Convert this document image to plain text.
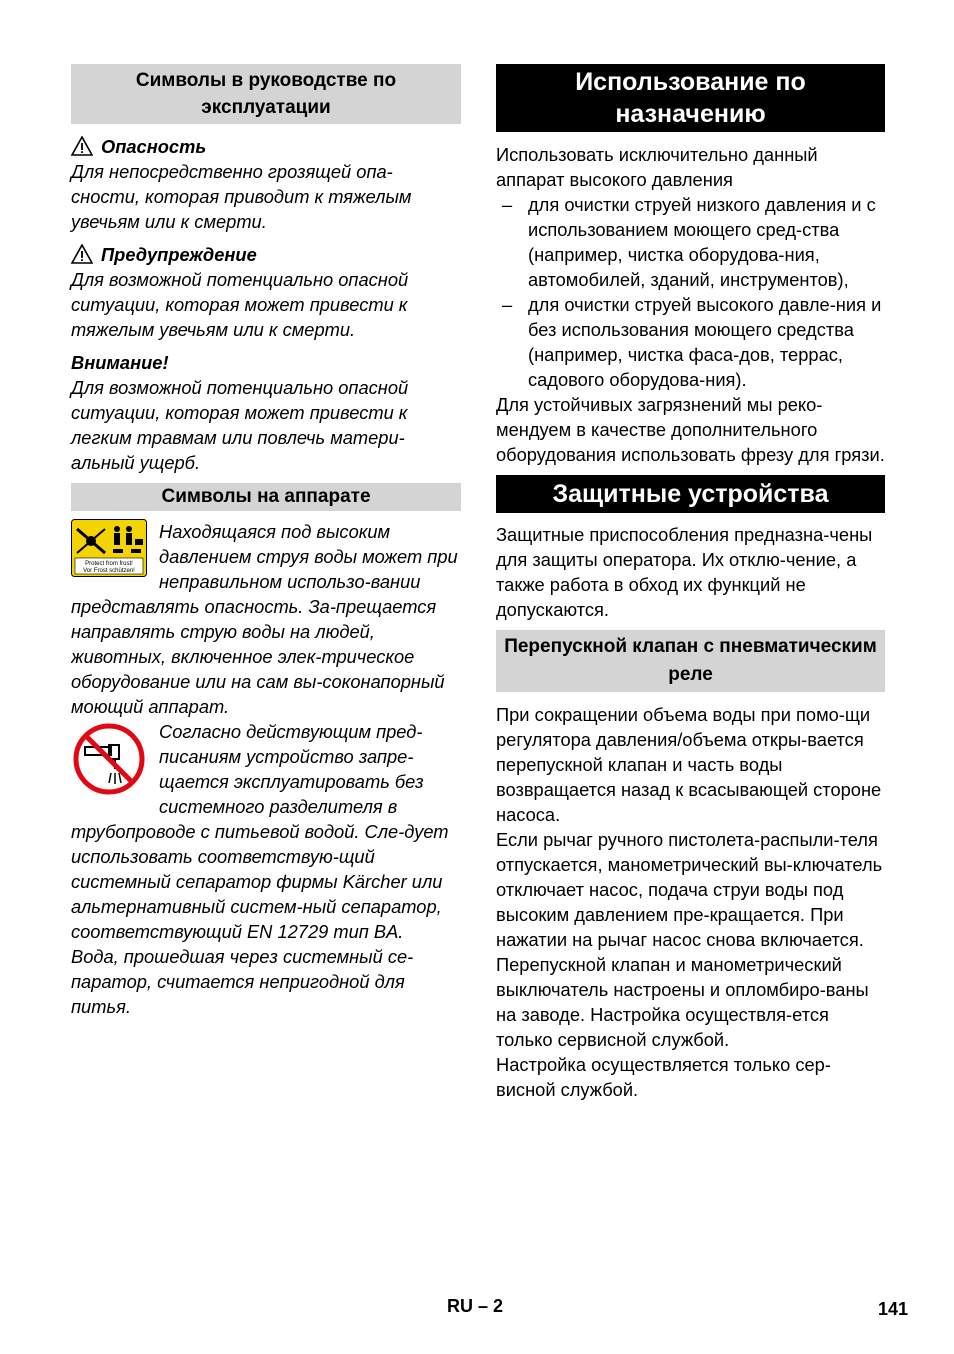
Символы в руководстве по эксплуатации
Опасность

Для непосредственно грозящей опа-сности, которая приводит к тяжелым увечьям или к смерти.

Предупреждение

Для возможной потенциально опасной ситуации, которая может привести к тяжелым увечьям или к смерти.

Внимание!

Для возможной потенциально опасной ситуации, которая может привести к легким травмам или повлечь матери-альный ущерб.

Символы на аппарате
Protect from frost!
Vor Frost schützen!

Находящаяся под высоким давлением струя воды может при неправильном использо-вании представлять опасность. За-прещается направлять струю воды на людей, животных, включенное элек-трическое оборудование или на сам вы-соконапорный моющий аппарат.

Согласно действующим пред-писаниям устройство запре-щается эксплуатировать без системного разделителя в трубопроводе с питьевой водой. Сле-дует использовать соответствую-щий системный сепаратор фирмы Kärcher или альтернативный систем-ный сепаратор, соответствующий EN 12729 тип BA.

Вода, прошедшая через системный се-паратор, считается непригодной для питья.

Использование по назначению

Использовать исключительно данный аппарат высокого давления

– для очистки струей низкого давления и с использованием моющего сред-ства (например, чистка оборудова-ния, автомобилей, зданий, инструментов),
– для очистки струей высокого давле-ния и без использования моющего средства (например, чистка фаса-дов, террас, садового оборудова-ния).

Для устойчивых загрязнений мы реко-мендуем в качестве дополнительного оборудования использовать фрезу для грязи.

Защитные устройства

Защитные приспособления предназна-чены для защиты оператора. Их отклю-чение, а также работа в обход их функций не допускаются.

Перепускной клапан с пневматическим реле

При сокращении объема воды при помо-щи регулятора давления/объема откры-вается перепускной клапан и часть воды возвращается назад к всасывающей стороне насоса.

Если рычаг ручного пистолета-распыли-теля отпускается, манометрический вы-ключатель отключает насос, подача струи воды под высоким давлением пре-кращается. При нажатии на рычаг насос снова включается.

Перепускной клапан и манометрический выключатель настроены и опломбиро-ваны на заводе. Настройка осуществля-ется только сервисной службой.

Настройка осуществляется только сер-висной службой.

RU – 2	141
